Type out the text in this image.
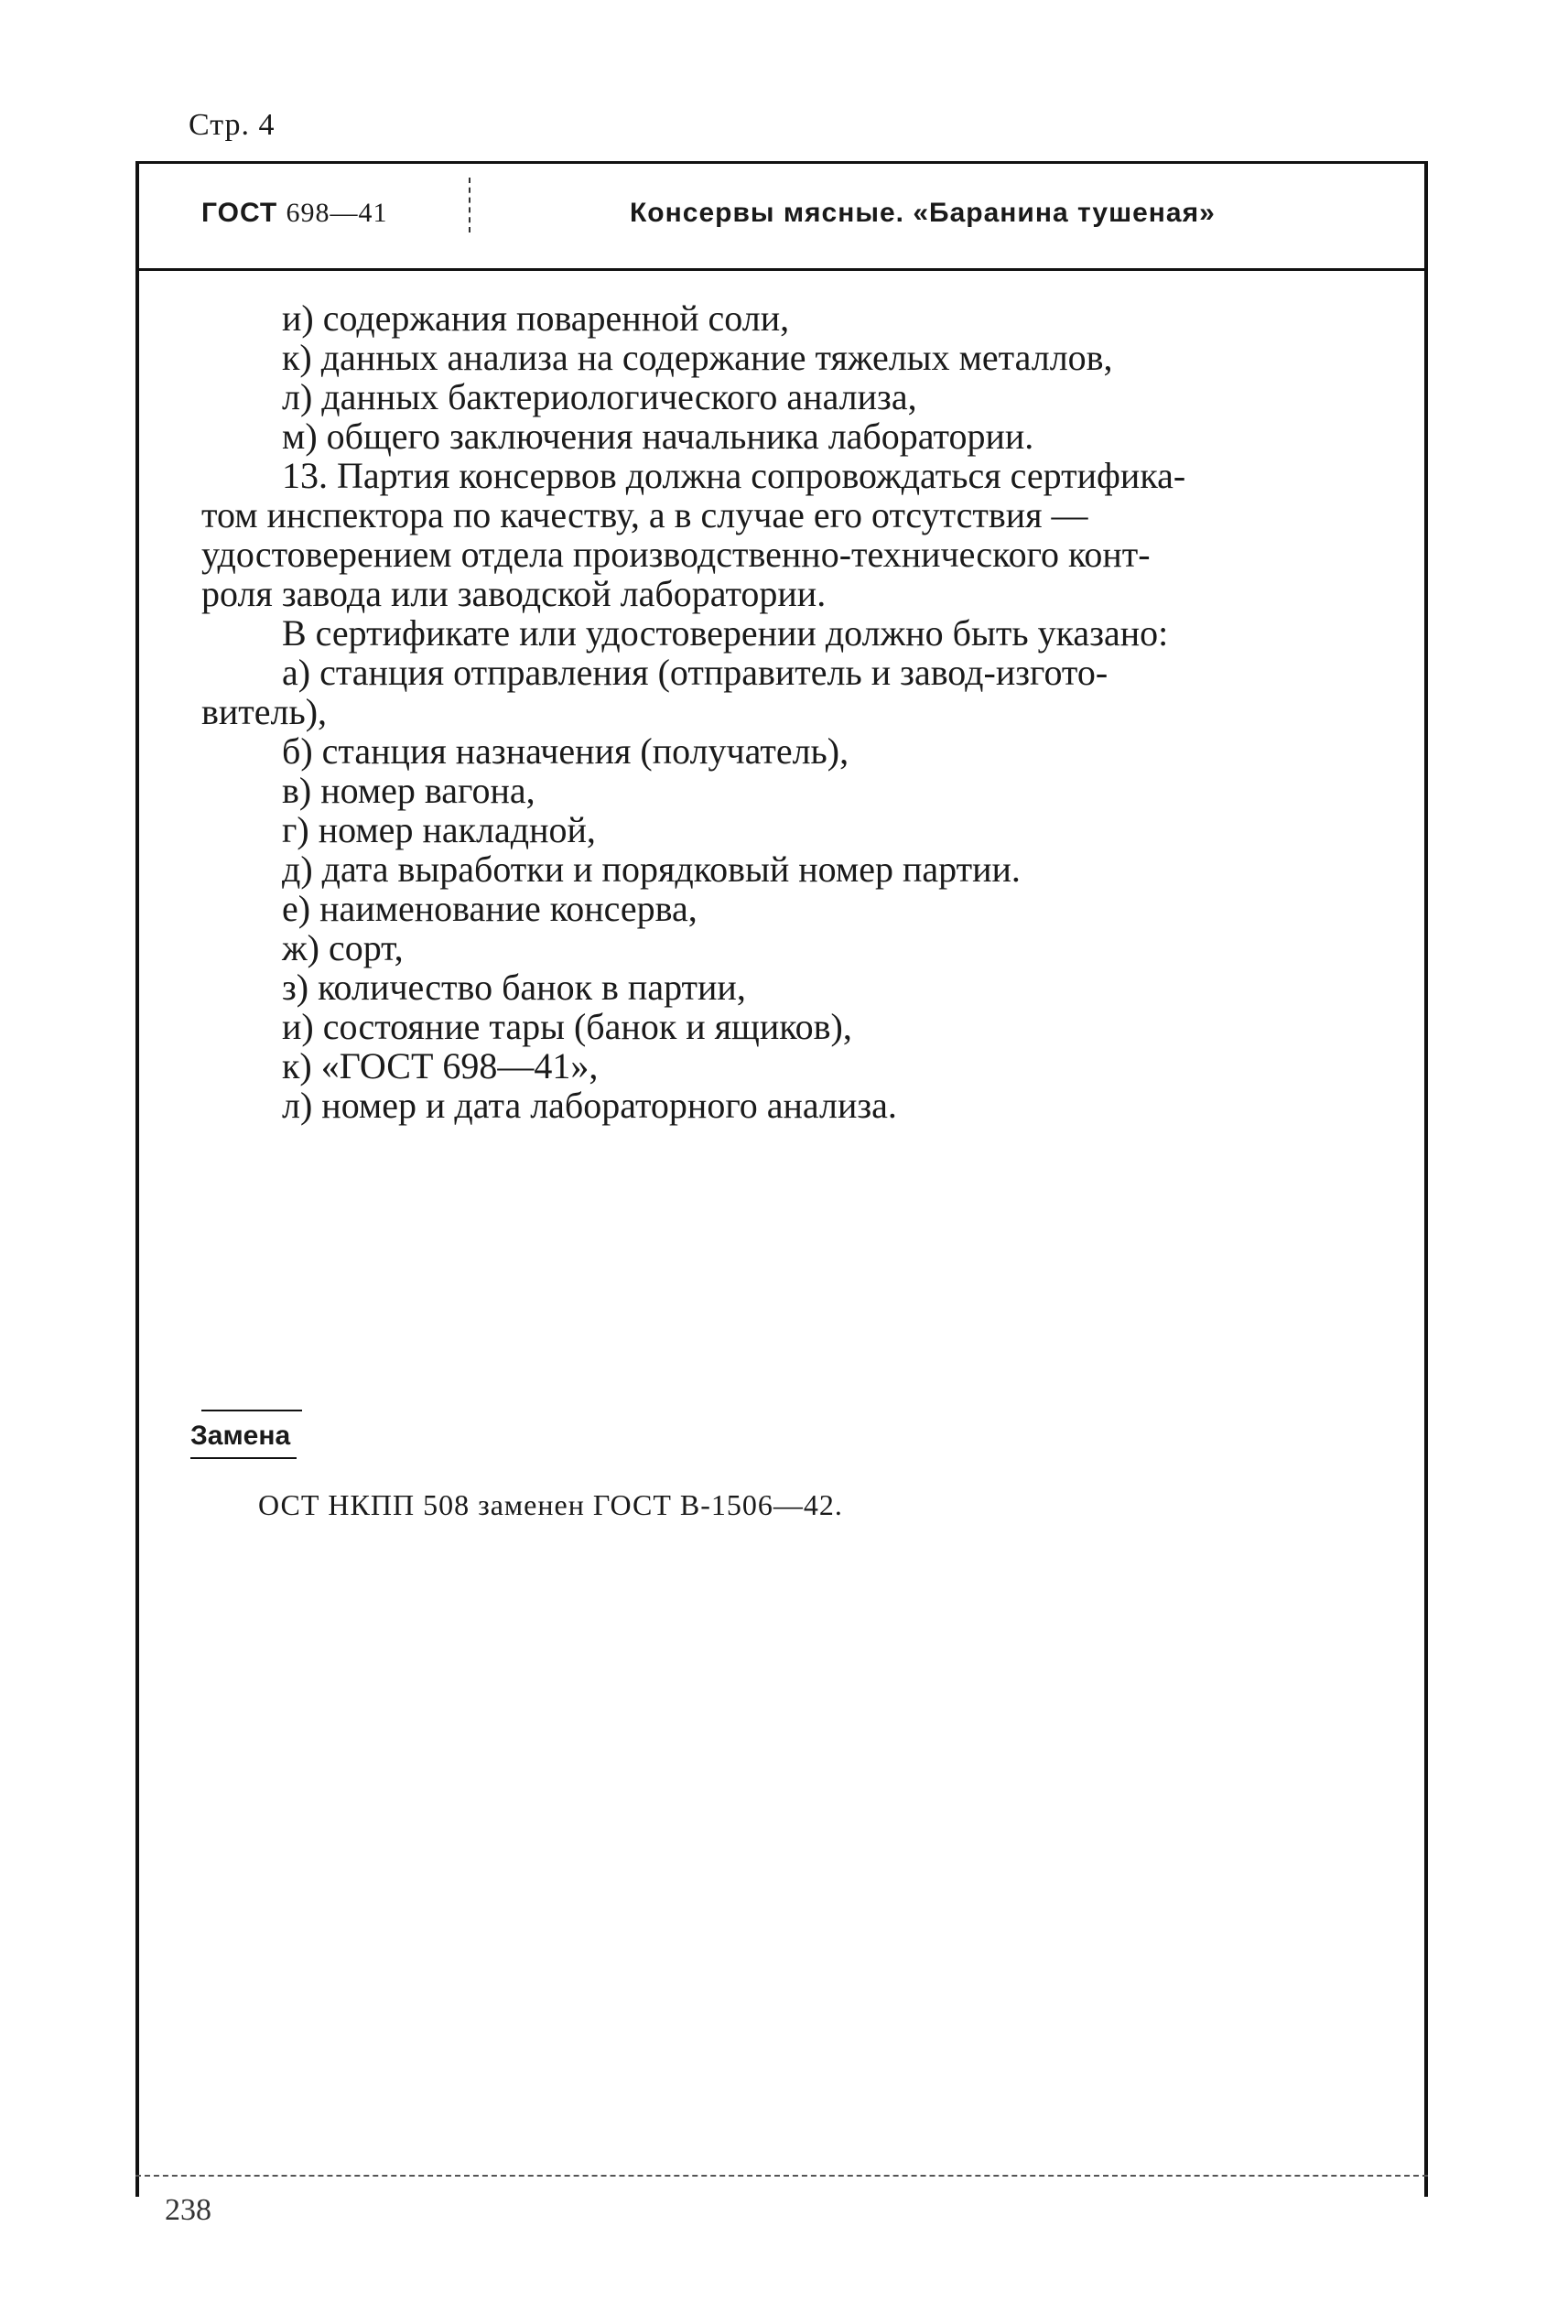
Стр. 4
ГОСТ 698—41	Консервы мясные. «Баранина тушеная»
и) содержания поваренной соли,
к) данных анализа на содержание тяжелых металлов,
л) данных бактериологического анализа,
м) общего заключения начальника лаборатории.
13. Партия консервов должна сопровождаться сертифика-
том инспектора по качеству, а в случае его отсутствия —
удостоверением отдела производственно-технического конт-
роля завода или заводской лаборатории.
В сертификате или удостоверении должно быть указано:
а) станция отправления (отправитель и завод-изгото-
витель),
б) станция назначения (получатель),
в) номер вагона,
г) номер накладной,
д) дата выработки и порядковый номер партии.
е) наименование консерва,
ж) сорт,
з) количество банок в партии,
и) состояние тары (банок и ящиков),
к) «ГОСТ 698—41»,
л) номер и дата лабораторного анализа.
Замена
ОСТ НКПП 508 заменен ГОСТ В-1506—42.
238
